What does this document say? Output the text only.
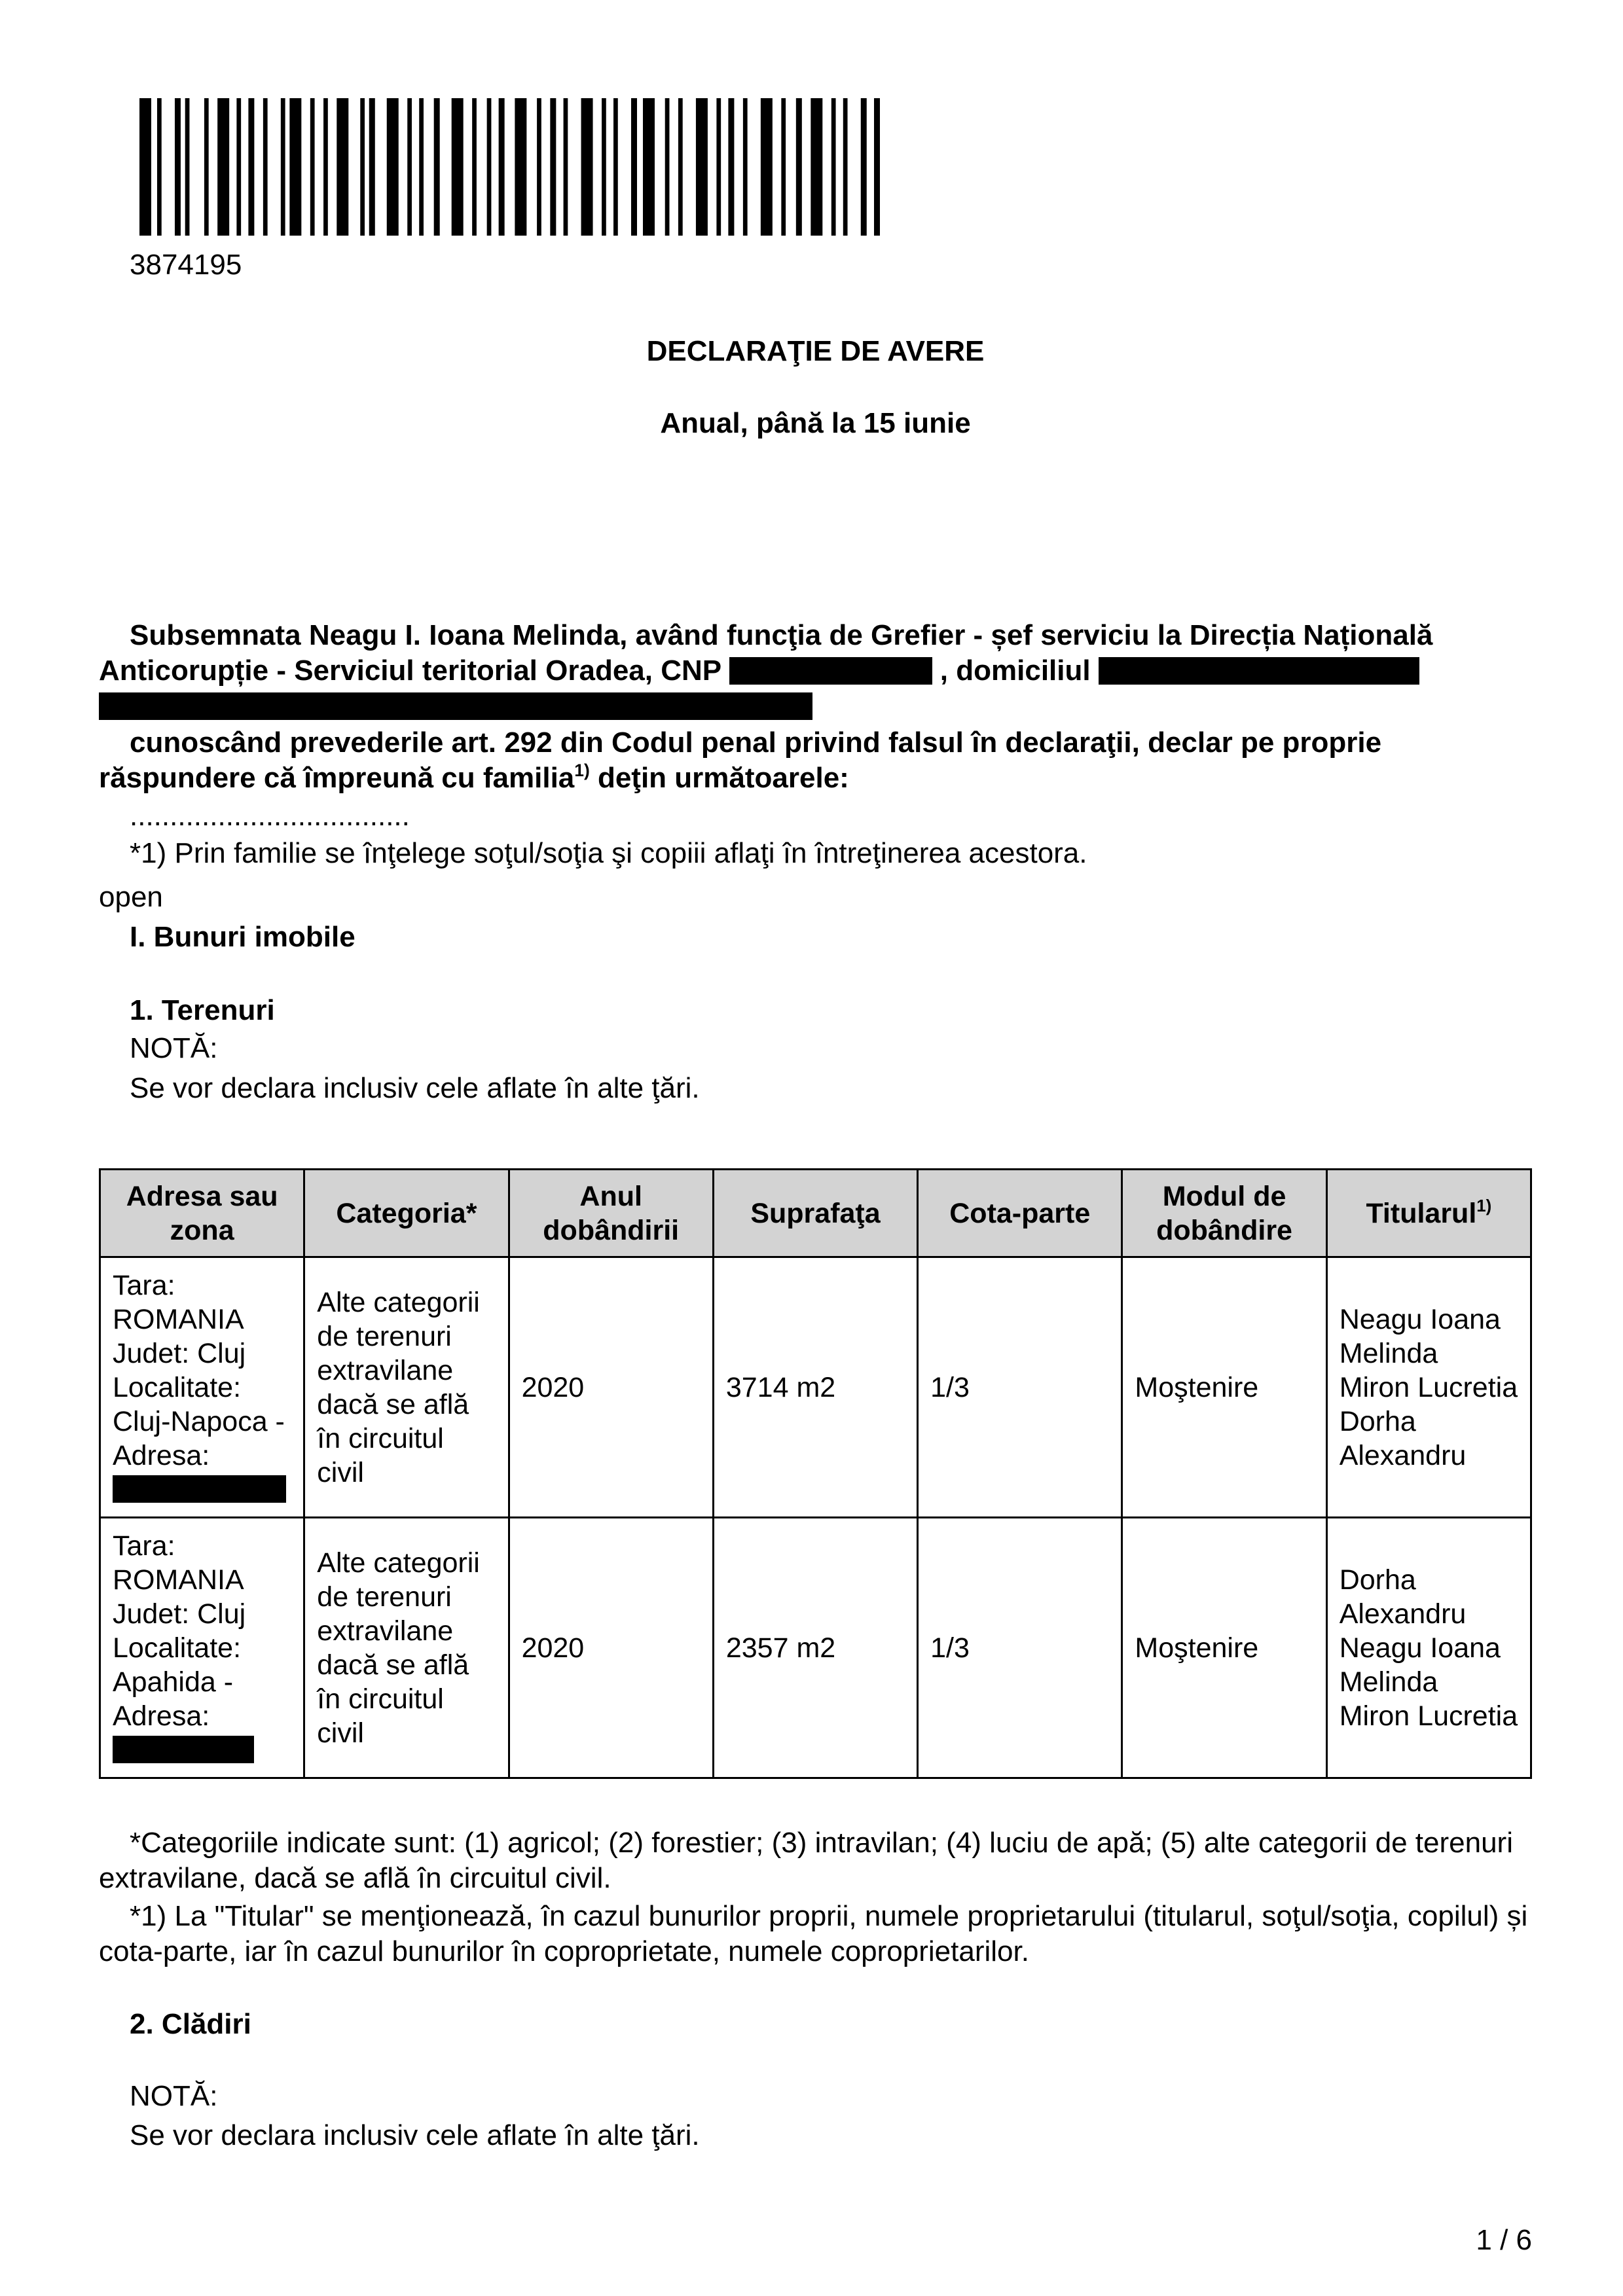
3874195
DECLARAŢIE DE AVERE
Anual, până la 15 iunie

Subsemnata Neagu I. Ioana Melinda, având funcţia de Grefier - șef serviciu la Direcția Națională Anticorupție - Serviciul teritorial Oradea, CNP	, domiciliul

cunoscând prevederile art. 292 din Codul penal privind falsul în declaraţii, declar pe proprie răspundere că împreună cu familia$^{1)}$ deţin următoarele:

...................................
*1) Prin familie se înţelege soţul/soţia şi copiii aflaţi în întreţinerea acestora.
open
I. Bunuri imobile
1. Terenuri
NOTĂ:
Se vor declara inclusiv cele aflate în alte ţări.
Adresa sau zona	Categoria*	Anul dobândirii	Suprafaţa	Cota-parte	Modul de dobândire	Titularul$^{1)}$
Tara: ROMANIA Judet: Cluj Localitate: Cluj-Napoca - Adresa:	Alte categorii de terenuri extravilane dacă se află în circuitul civil	2020	3714 m2	1/3	Moştenire	Neagu Ioana Melinda
Miron Lucretia
Dorha Alexandru

Tara: ROMANIA Judet: Cluj Localitate: Apahida - Adresa:	Alte categorii de terenuri extravilane dacă se află în circuitul civil	2020	2357 m2	1/3	Moştenire	Dorha Alexandru
Neagu Ioana Melinda
Miron Lucretia

*Categoriile indicate sunt: (1) agricol; (2) forestier; (3) intravilan; (4) luciu de apă; (5) alte categorii de terenuri extravilane, dacă se află în circuitul civil.

*1) La "Titular" se menţionează, în cazul bunurilor proprii, numele proprietarului (titularul, soţul/soţia, copilul) și cota-parte, iar în cazul bunurilor în coproprietate, numele coproprietarilor.

2. Clădiri
NOTĂ:
Se vor declara inclusiv cele aflate în alte ţări.
1 / 6
